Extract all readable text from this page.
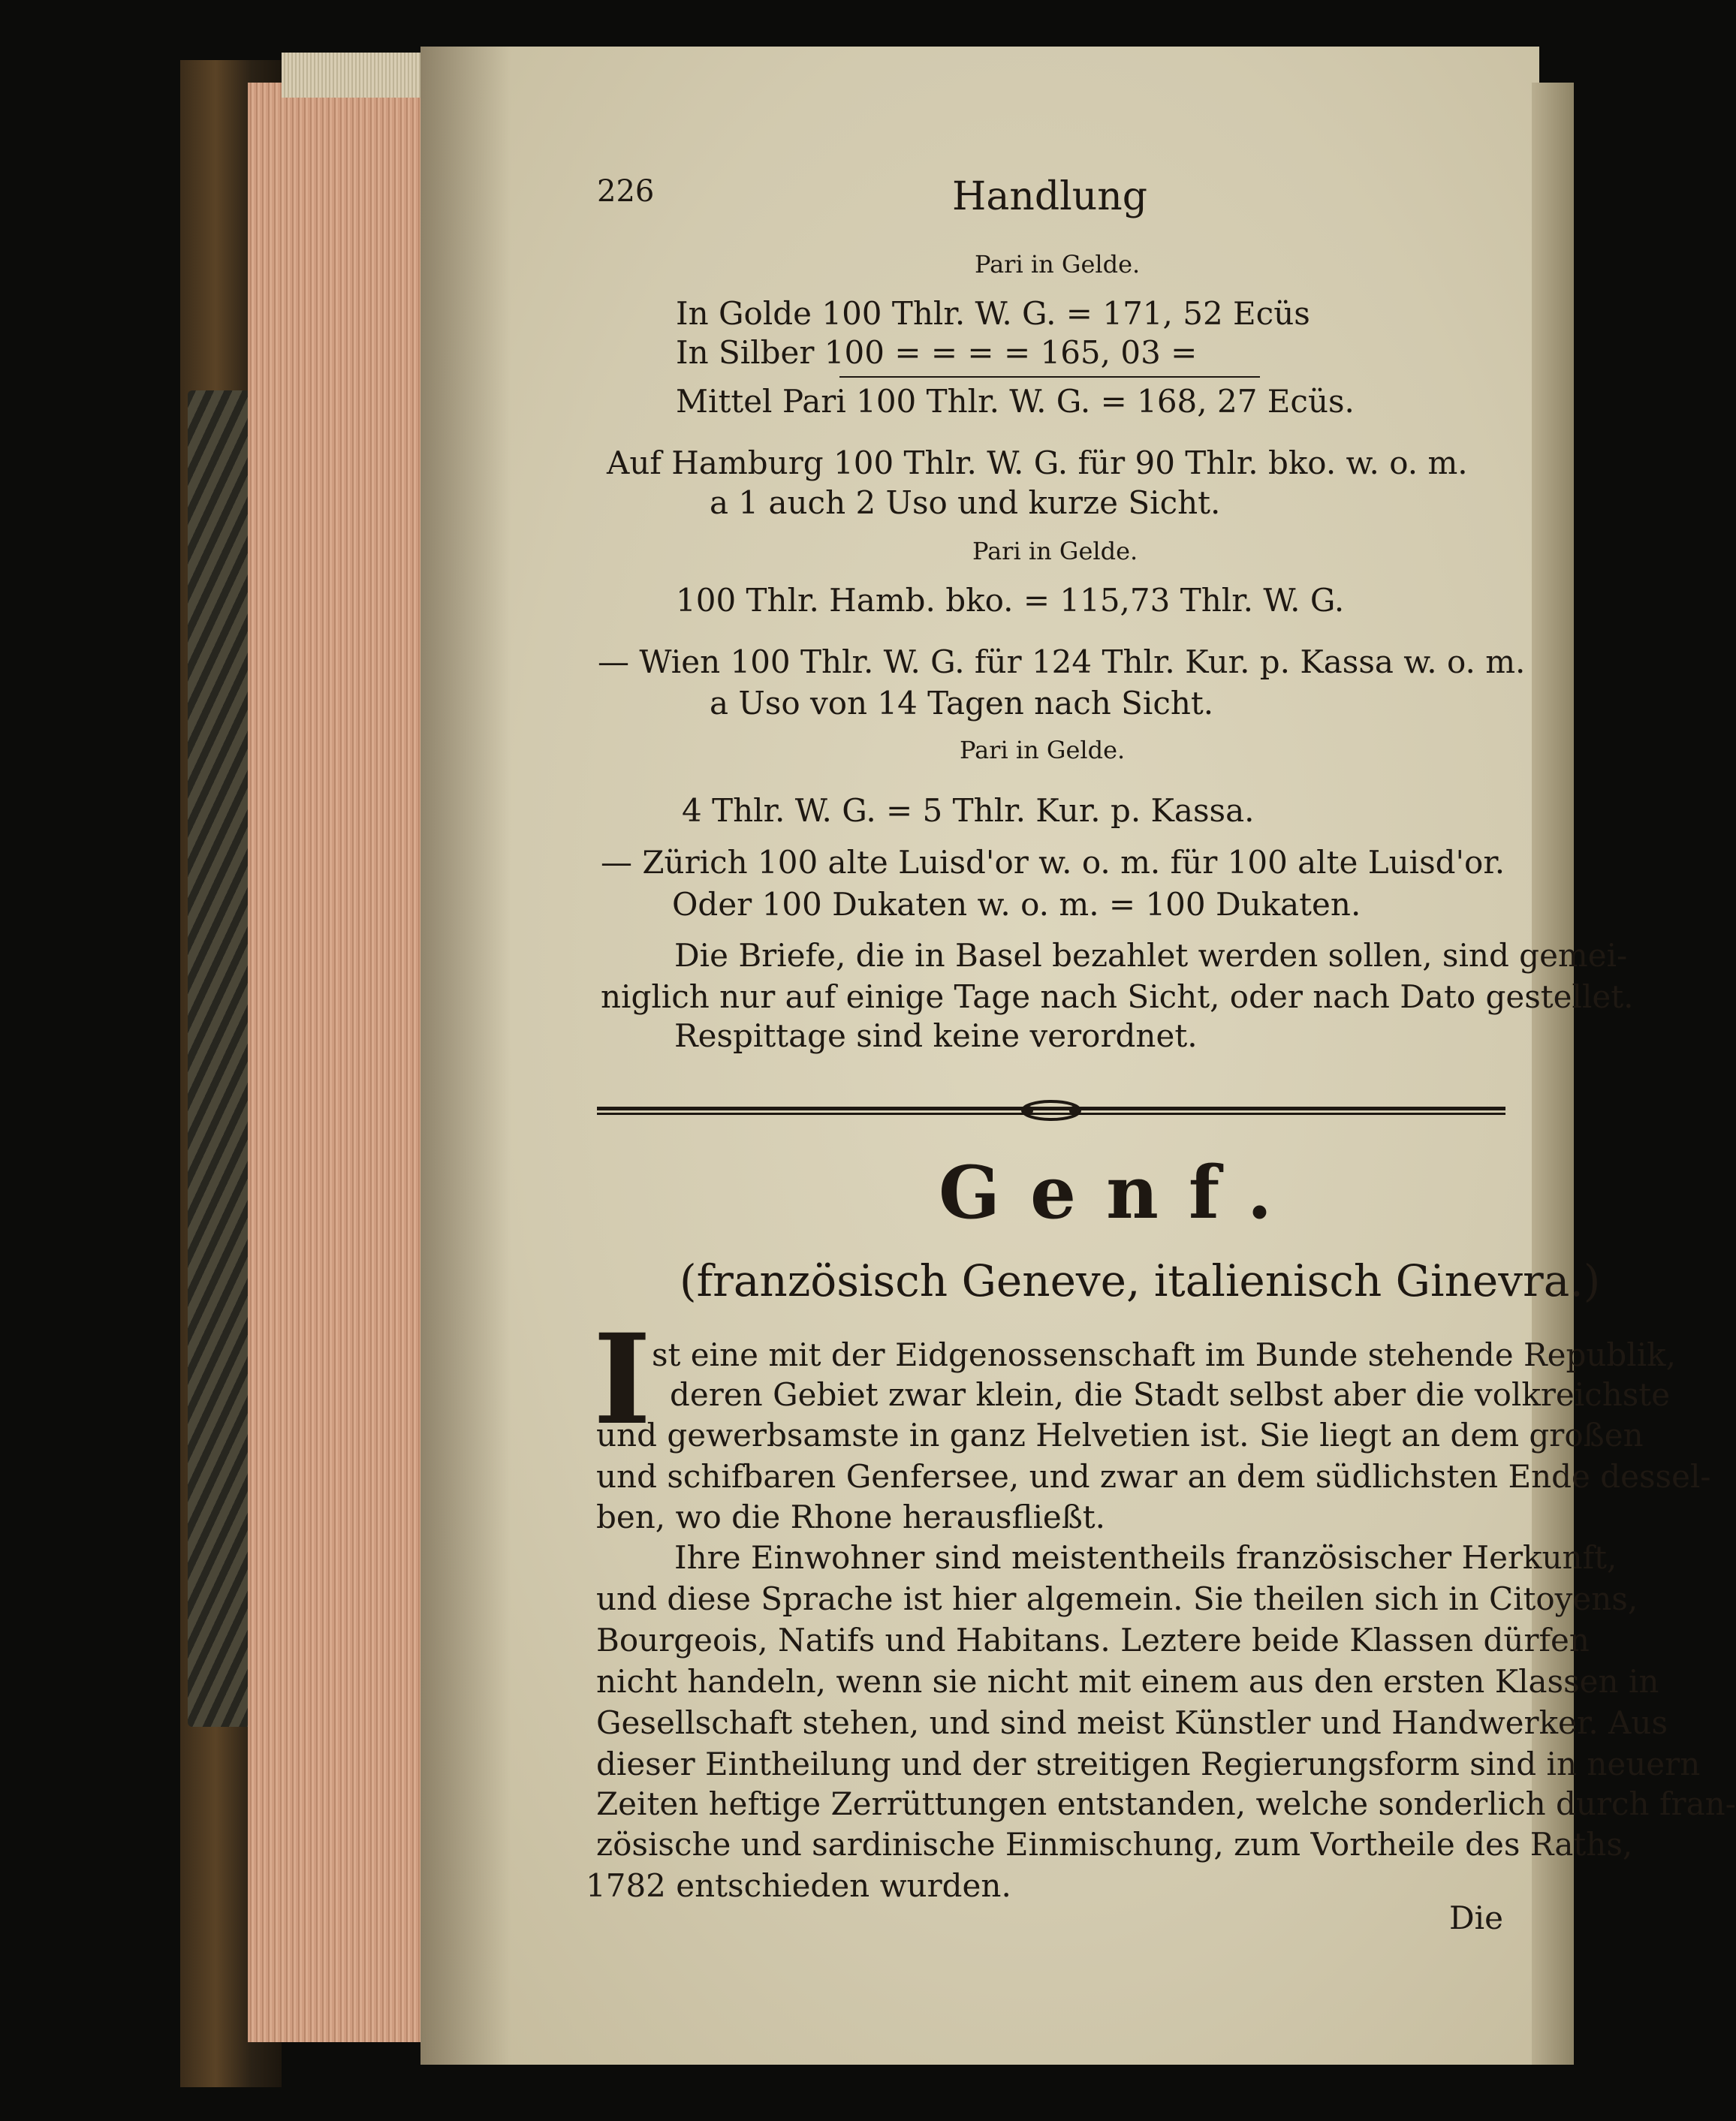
226	Handlung
Pari in Gelde.
In Golde 100 Thlr. W. G. = 171, 52 Ecüs
In Silber 100 = = = = 165, 03 =
Mittel Pari 100 Thlr. W. G. = 168, 27 Ecüs.
Auf Hamburg 100 Thlr. W. G. für 90 Thlr. bko. w. o. m.
a 1 auch 2 Uso und kurze Sicht.
Pari in Gelde.
100 Thlr. Hamb. bko. = 115,73 Thlr. W. G.
— Wien 100 Thlr. W. G. für 124 Thlr. Kur. p. Kassa w. o. m.
a Uso von 14 Tagen nach Sicht.
Pari in Gelde.
4 Thlr. W. G. = 5 Thlr. Kur. p. Kassa.
— Zürich 100 alte Luisd'or w. o. m. für 100 alte Luisd'or.
Oder 100 Dukaten w. o. m. = 100 Dukaten.
Die Briefe, die in Basel bezahlet werden sollen, sind gemei-
niglich nur auf einige Tage nach Sicht, oder nach Dato gestellet.
Respittage sind keine verordnet.
Genf.
(französisch Geneve, italienisch Ginevra.)
I st eine mit der Eidgenossenschaft im Bunde stehende Republik,
deren Gebiet zwar klein, die Stadt selbst aber die volkreichste
und gewerbsamste in ganz Helvetien ist. Sie liegt an dem großen
und schifbaren Genfersee, und zwar an dem südlichsten Ende dessel-
ben, wo die Rhone herausfließt.
Ihre Einwohner sind meistentheils französischer Herkunft,
und diese Sprache ist hier algemein. Sie theilen sich in Citoyens,
Bourgeois, Natifs und Habitans. Leztere beide Klassen dürfen
nicht handeln, wenn sie nicht mit einem aus den ersten Klassen in
Gesellschaft stehen, und sind meist Künstler und Handwerker. Aus
dieser Eintheilung und der streitigen Regierungsform sind in neuern
Zeiten heftige Zerrüttungen entstanden, welche sonderlich durch fran-
zösische und sardinische Einmischung, zum Vortheile des Raths,
1782 entschieden wurden.
Die
